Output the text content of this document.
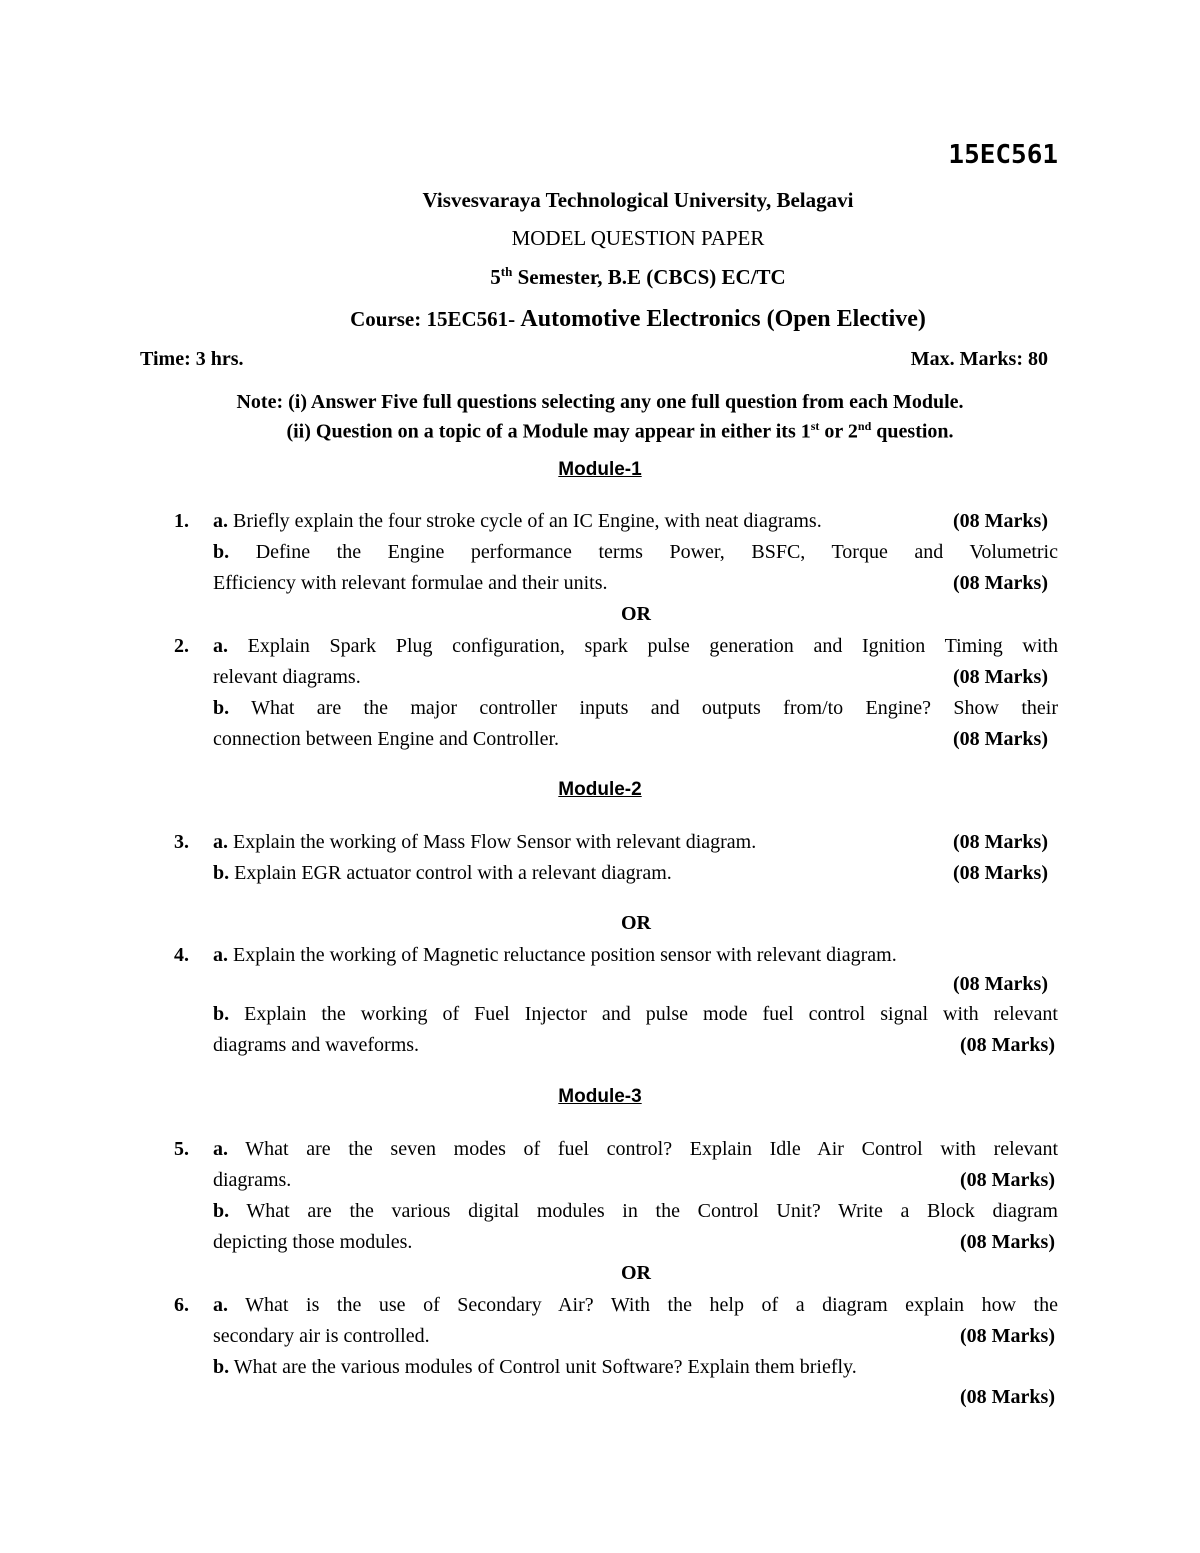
15EC561
Visvesvaraya Technological University, Belagavi
MODEL QUESTION PAPER
5th Semester, B.E (CBCS) EC/TC
Course: 15EC561- Automotive Electronics (Open Elective)
Time: 3 hrs.	Max. Marks: 80
Note: (i) Answer Five full questions selecting any one full question from each Module.
(ii) Question on a topic of a Module may appear in either its 1st or 2nd question.
Module-1
1. a. Briefly explain the four stroke cycle of an IC Engine, with neat diagrams.	(08 Marks)
b. Define the Engine performance terms Power, BSFC, Torque and Volumetric
Efficiency with relevant formulae and their units.	(08 Marks)
OR
2. a. Explain Spark Plug configuration, spark pulse generation and Ignition Timing with
relevant diagrams.	(08 Marks)
b. What are the major controller inputs and outputs from/to Engine? Show their
connection between Engine and Controller.	(08 Marks)
Module-2
3. a. Explain the working of Mass Flow Sensor with relevant diagram.	(08 Marks)
b. Explain EGR actuator control with a relevant diagram.	(08 Marks)
OR
4. a. Explain the working of Magnetic reluctance position sensor with relevant diagram.
(08 Marks)
b. Explain the working of Fuel Injector and pulse mode fuel control signal with relevant
diagrams and waveforms.	(08 Marks)
Module-3
5. a. What are the seven modes of fuel control? Explain Idle Air Control with relevant
diagrams.	(08 Marks)
b. What are the various digital modules in the Control Unit? Write a Block diagram
depicting those modules.	(08 Marks)
OR
6. a. What is the use of Secondary Air? With the help of a diagram explain how the
secondary air is controlled.	(08 Marks)
b. What are the various modules of Control unit Software? Explain them briefly.
(08 Marks)
